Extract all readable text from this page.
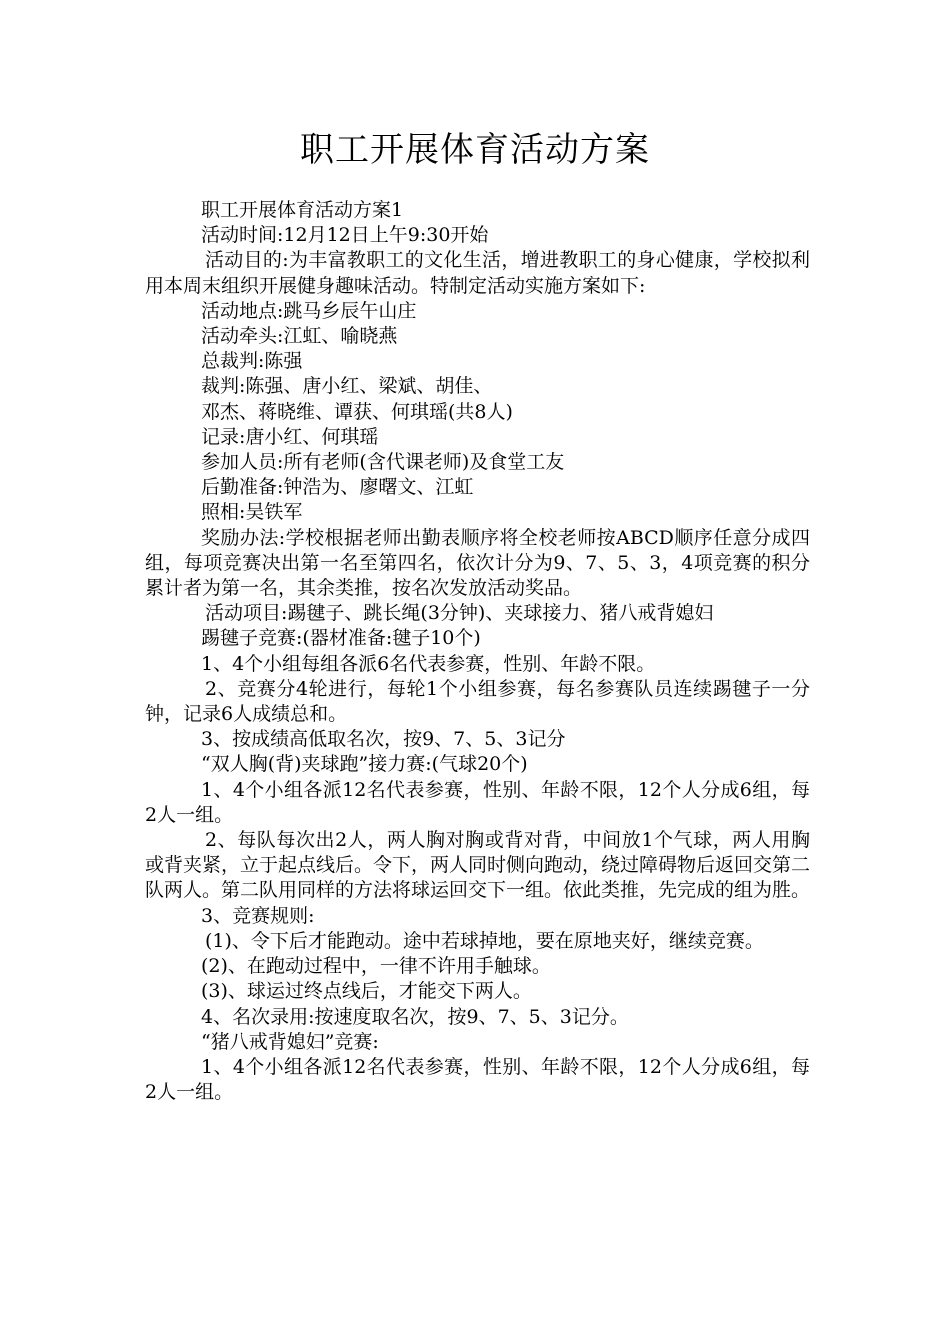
职工开展体育活动方案

职工开展体育活动方案1

活动时间:12月12日上午9:30开始

活动目的:为丰富教职工的文化生活，增进教职工的身心健康，学校拟利用本周末组织开展健身趣味活动。特制定活动实施方案如下:

活动地点:跳马乡辰午山庄

活动牵头:江虹、喻晓燕

总裁判:陈强

裁判:陈强、唐小红、梁斌、胡佳、

邓杰、蒋晓维、谭获、何琪瑶(共8人)

记录:唐小红、何琪瑶

参加人员:所有老师(含代课老师)及食堂工友

后勤准备:钟浩为、廖曙文、江虹

照相:吴铁军

奖励办法:学校根据老师出勤表顺序将全校老师按ABCD顺序任意分成四组，每项竞赛决出第一名至第四名，依次计分为9、7、5、3，4项竞赛的积分累计者为第一名，其余类推，按名次发放活动奖品。

活动项目:踢毽子、跳长绳(3分钟)、夹球接力、猪八戒背媳妇

踢毽子竞赛:(器材准备:毽子10个)

1、4个小组每组各派6名代表参赛，性别、年龄不限。

2、竞赛分4轮进行，每轮1个小组参赛，每名参赛队员连续踢毽子一分钟，记录6人成绩总和。

3、按成绩高低取名次，按9、7、5、3记分

“双人胸(背)夹球跑”接力赛:(气球20个)

1、4个小组各派12名代表参赛，性别、年龄不限，12个人分成6组，每2人一组。

2、每队每次出2人，两人胸对胸或背对背，中间放1个气球，两人用胸或背夹紧，立于起点线后。令下，两人同时侧向跑动，绕过障碍物后返回交第二队两人。第二队用同样的方法将球运回交下一组。依此类推，先完成的组为胜。

3、竞赛规则:

(1)、令下后才能跑动。途中若球掉地，要在原地夹好，继续竞赛。

(2)、在跑动过程中，一律不许用手触球。

(3)、球运过终点线后，才能交下两人。

4、名次录用:按速度取名次，按9、7、5、3记分。

“猪八戒背媳妇”竞赛:

1、4个小组各派12名代表参赛，性别、年龄不限，12个人分成6组，每2人一组。
